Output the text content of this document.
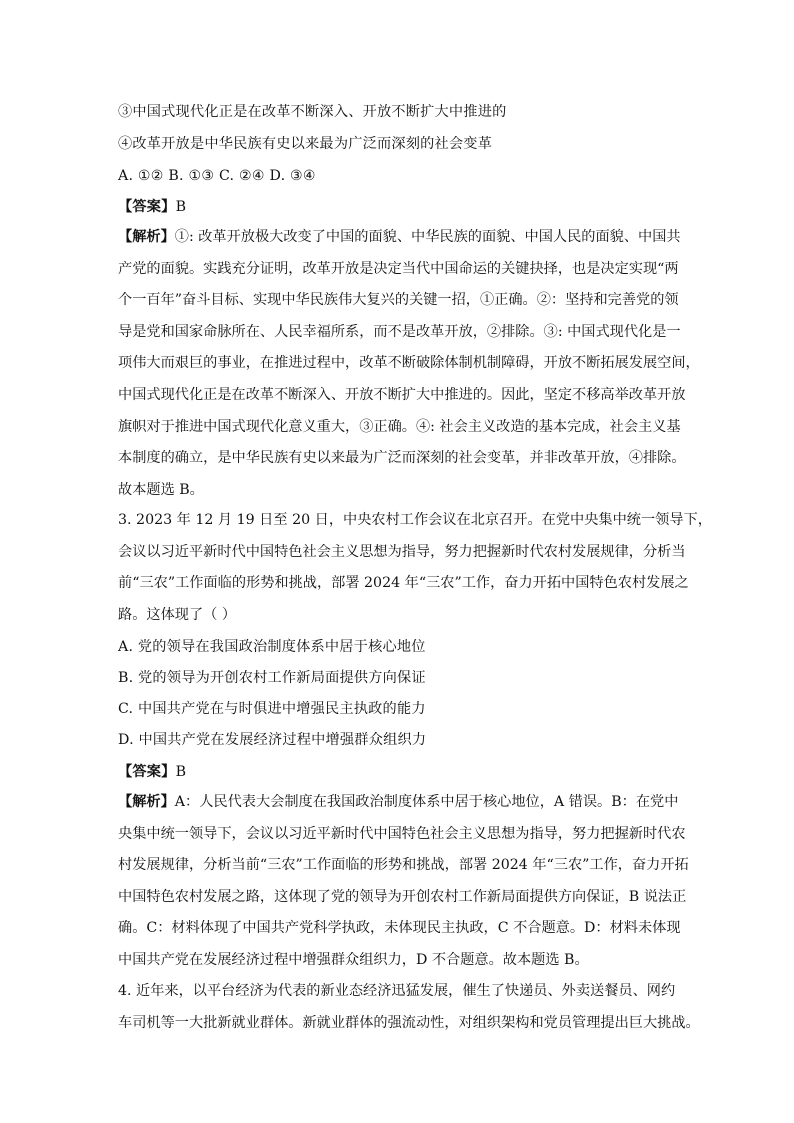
③中国式现代化正是在改革不断深入、开放不断扩大中推进的
④改革开放是中华民族有史以来最为广泛而深刻的社会变革
A. ①② B. ①③ C. ②④ D. ③④
【答案】B
【解析】①: 改革开放极大改变了中国的面貌、中华民族的面貌、中国人民的面貌、中国共
产党的面貌。实践充分证明，改革开放是决定当代中国命运的关键抉择，也是决定实现“两
个一百年”奋斗目标、实现中华民族伟大复兴的关键一招，①正确。②：坚持和完善党的领
导是党和国家命脉所在、人民幸福所系，而不是改革开放，②排除。③: 中国式现代化是一
项伟大而艰巨的事业，在推进过程中，改革不断破除体制机制障碍，开放不断拓展发展空间，
中国式现代化正是在改革不断深入、开放不断扩大中推进的。因此，坚定不移高举改革开放
旗帜对于推进中国式现代化意义重大，③正确。④: 社会主义改造的基本完成，社会主义基
本制度的确立，是中华民族有史以来最为广泛而深刻的社会变革，并非改革开放，④排除。
故本题选 B。
3. 2023 年 12 月 19 日至 20 日，中央农村工作会议在北京召开。在党中央集中统一领导下，
会议以习近平新时代中国特色社会主义思想为指导，努力把握新时代农村发展规律，分析当
前“三农”工作面临的形势和挑战，部署 2024 年“三农”工作，奋力开拓中国特色农村发展之
路。这体现了（ ）
A. 党的领导在我国政治制度体系中居于核心地位
B. 党的领导为开创农村工作新局面提供方向保证
C. 中国共产党在与时俱进中增强民主执政的能力
D. 中国共产党在发展经济过程中增强群众组织力
【答案】B
【解析】A：人民代表大会制度在我国政治制度体系中居于核心地位，A 错误。B：在党中
央集中统一领导下，会议以习近平新时代中国特色社会主义思想为指导，努力把握新时代农
村发展规律，分析当前“三农”工作面临的形势和挑战，部署 2024 年“三农”工作，奋力开拓
中国特色农村发展之路，这体现了党的领导为开创农村工作新局面提供方向保证，B 说法正
确。C：材料体现了中国共产党科学执政，未体现民主执政，C 不合题意。D：材料未体现
中国共产党在发展经济过程中增强群众组织力，D 不合题意。故本题选 B。
4. 近年来，以平台经济为代表的新业态经济迅猛发展，催生了快递员、外卖送餐员、网约
车司机等一大批新就业群体。新就业群体的强流动性，对组织架构和党员管理提出巨大挑战。
